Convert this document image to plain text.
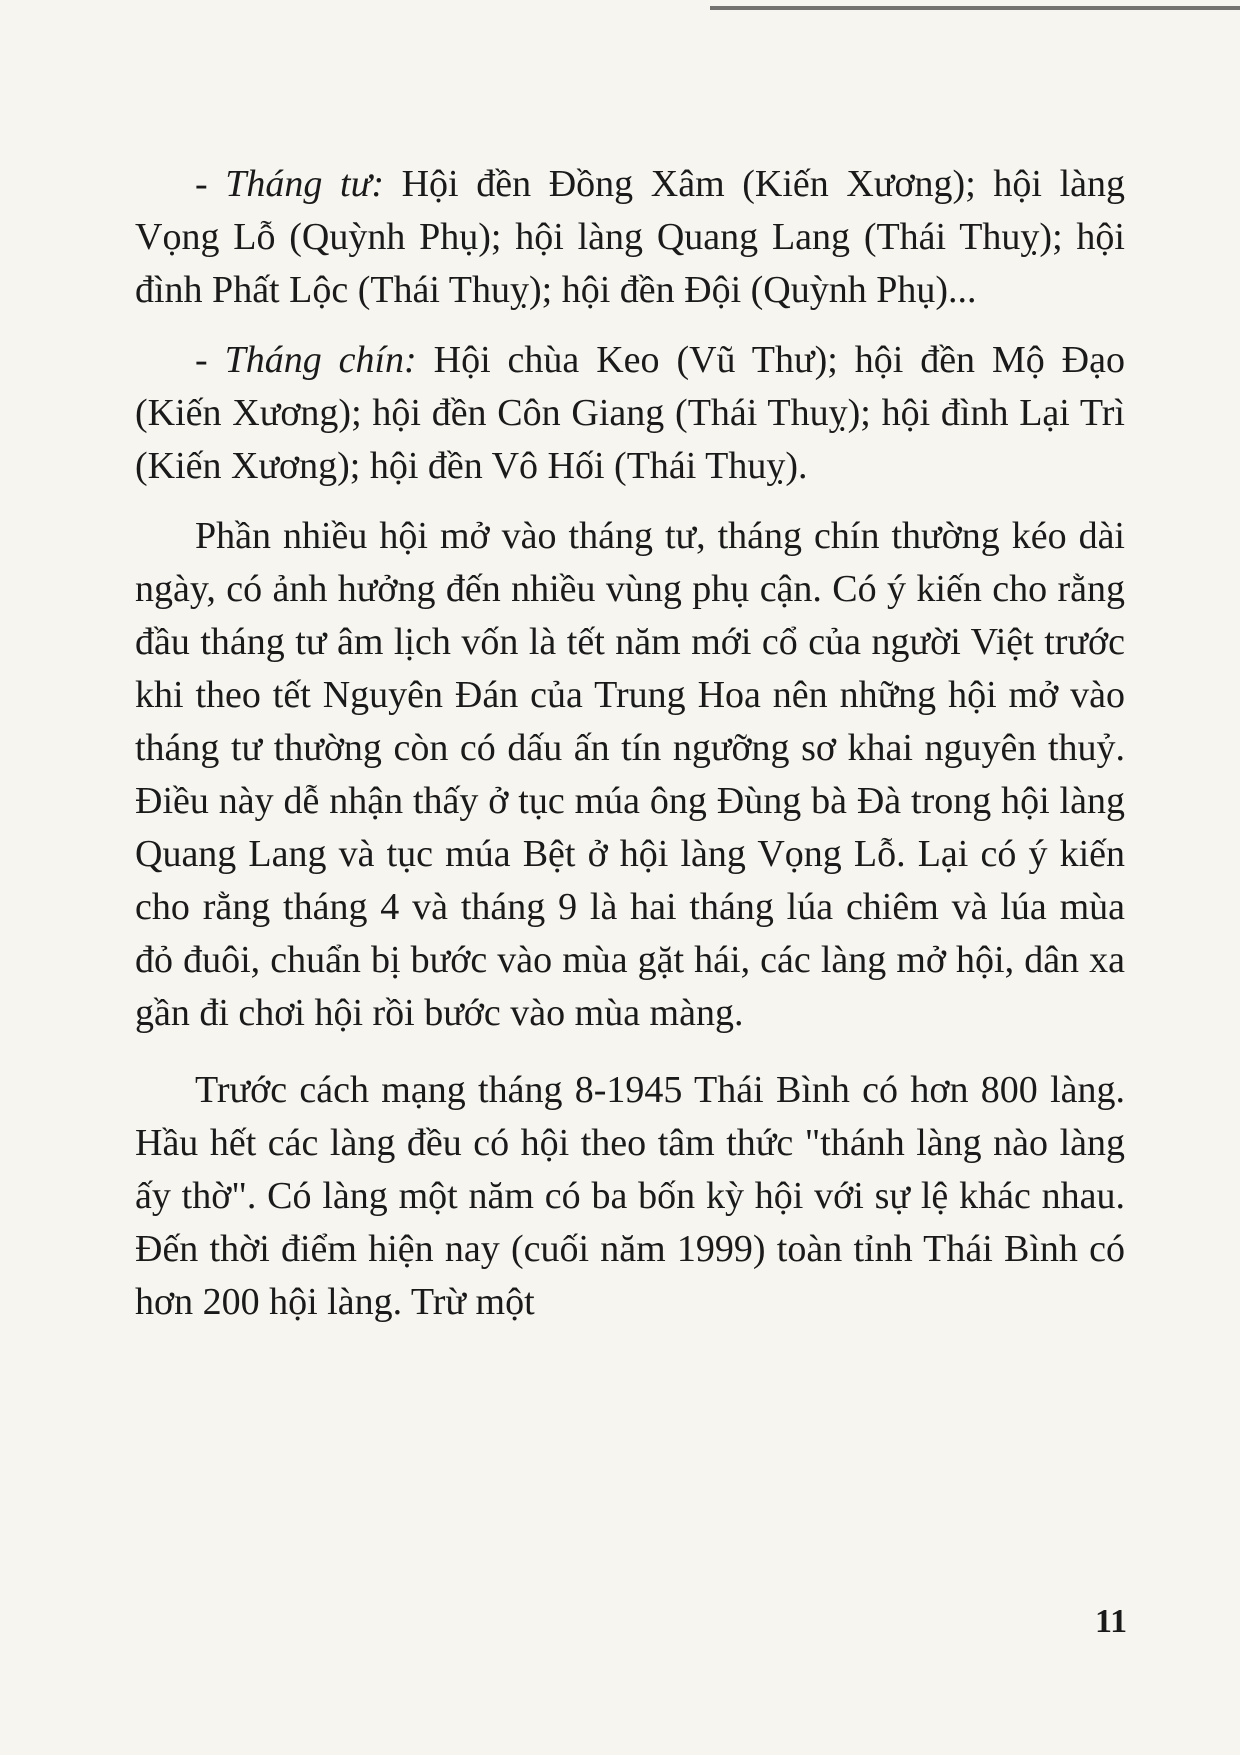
- Tháng tư: Hội đền Đồng Xâm (Kiến Xương); hội làng Vọng Lỗ (Quỳnh Phụ); hội làng Quang Lang (Thái Thuỵ); hội đình Phất Lộc (Thái Thuỵ); hội đền Đội (Quỳnh Phụ)...

- Tháng chín: Hội chùa Keo (Vũ Thư); hội đền Mộ Đạo (Kiến Xương); hội đền Côn Giang (Thái Thuỵ); hội đình Lại Trì (Kiến Xương); hội đền Vô Hối (Thái Thuỵ).

Phần nhiều hội mở vào tháng tư, tháng chín thường kéo dài ngày, có ảnh hưởng đến nhiều vùng phụ cận. Có ý kiến cho rằng đầu tháng tư âm lịch vốn là tết năm mới cổ của người Việt trước khi theo tết Nguyên Đán của Trung Hoa nên những hội mở vào tháng tư thường còn có dấu ấn tín ngưỡng sơ khai nguyên thuỷ. Điều này dễ nhận thấy ở tục múa ông Đùng bà Đà trong hội làng Quang Lang và tục múa Bệt ở hội làng Vọng Lỗ. Lại có ý kiến cho rằng tháng 4 và tháng 9 là hai tháng lúa chiêm và lúa mùa đỏ đuôi, chuẩn bị bước vào mùa gặt hái, các làng mở hội, dân xa gần đi chơi hội rồi bước vào mùa màng.

Trước cách mạng tháng 8-1945 Thái Bình có hơn 800 làng. Hầu hết các làng đều có hội theo tâm thức "thánh làng nào làng ấy thờ". Có làng một năm có ba bốn kỳ hội với sự lệ khác nhau. Đến thời điểm hiện nay (cuối năm 1999) toàn tỉnh Thái Bình có hơn 200 hội làng. Trừ một

11
